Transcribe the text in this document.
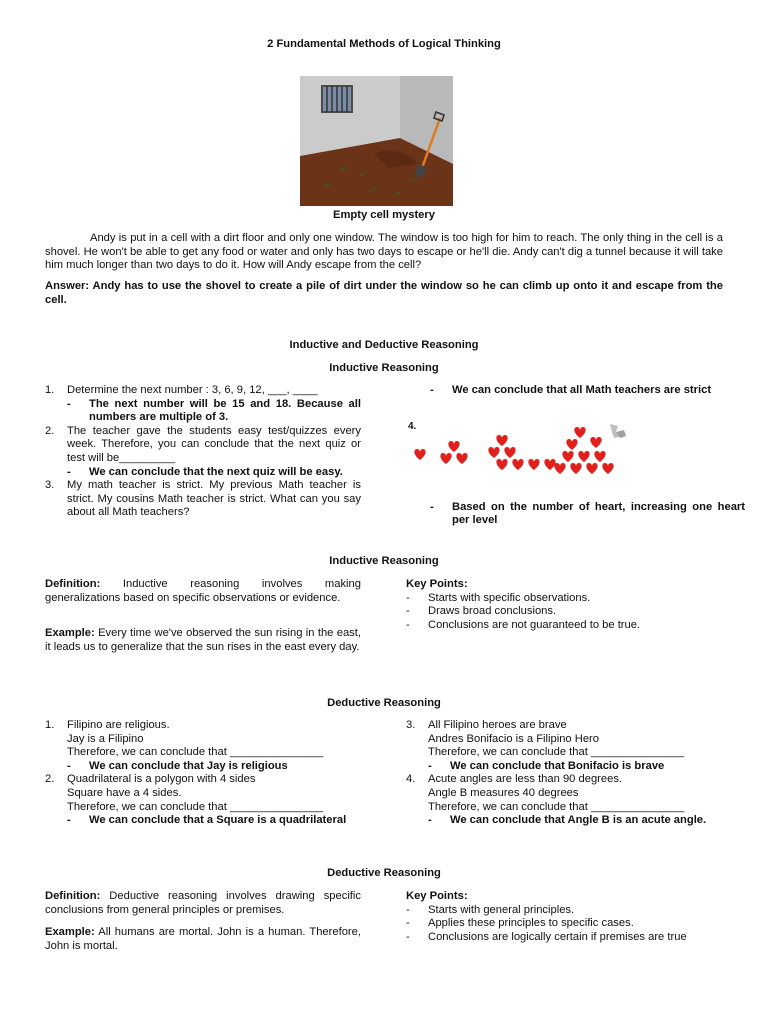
2 Fundamental Methods of Logical Thinking
Empty cell mystery

Andy is put in a cell with a dirt floor and only one window. The window is too high for him to reach. The only thing in the cell is a shovel. He won't be able to get any food or water and only has two days to escape or he'll die. Andy can't dig a tunnel because it will take him much longer than two days to do it. How will Andy escape from the cell?

Answer: Andy has to use the shovel to create a pile of dirt under the window so he can climb up onto it and escape from the cell.

Inductive and Deductive Reasoning
Inductive Reasoning
1. Determine the next number : 3, 6, 9, 12, ___, ____
- The next number will be 15 and 18. Because all numbers are multiple of 3.
2. The teacher gave the students easy test/quizzes every week. Therefore, you can conclude that the next quiz or test will be_________
- We can conclude that the next quiz will be easy.
3. My math teacher is strict. My previous Math teacher is strict. My cousins Math teacher is strict. What can you say about all Math teachers?
- We can conclude that all Math teachers are strict
4.
- Based on the number of heart, increasing one heart per level
Inductive Reasoning
Definition: Inductive reasoning involves making generalizations based on specific observations or evidence.
Example: Every time we've observed the sun rising in the east, it leads us to generalize that the sun rises in the east every day.
Key Points:
- Starts with specific observations.
- Draws broad conclusions.
- Conclusions are not guaranteed to be true.
Deductive Reasoning
1. Filipino are religious.
Jay is a Filipino
Therefore, we can conclude that _______________
- We can conclude that Jay is religious
2. Quadrilateral is a polygon with 4 sides
Square have a 4 sides.
Therefore, we can conclude that _______________
- We can conclude that a Square is a quadrilateral
3. All Filipino heroes are brave
Andres Bonifacio is a Filipino Hero
Therefore, we can conclude that _______________
- We can conclude that Bonifacio is brave
4. Acute angles are less than 90 degrees.
Angle B measures 40 degrees
Therefore, we can conclude that _______________
- We can conclude that Angle B is an acute angle.
Deductive Reasoning
Definition: Deductive reasoning involves drawing specific conclusions from general principles or premises.
Example: All humans are mortal. John is a human. Therefore, John is mortal.
Key Points:
- Starts with general principles.
- Applies these principles to specific cases.
- Conclusions are logically certain if premises are true
